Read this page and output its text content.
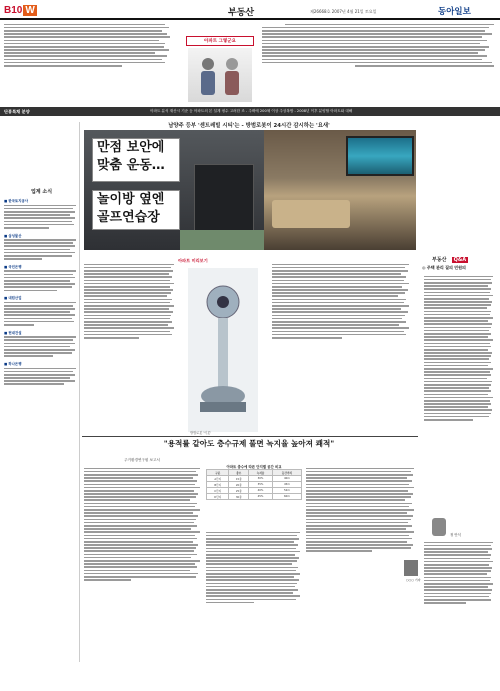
B10 W	부동산	제26668호 2007년 4월 21일 토요일	동아일보
아파트 그렇군요
단봉특채 분양	아파트 분석 재산시 기준 등 아파트의 본 설계 평수 고려한 조 - 주택에 200채 이상 주상복합 - 2008년 이후 분양할 아파트와 대해
업계 소식
■ 한국토지공사
■ 삼성물산
■ 국민은행
■ 대림산업
■ 현대건설
■ 하나은행
남양주 등부 '센트레빌 시티'는 - 방범로봇이 24시간 감시하는 '요새'
만점 보안에
맞춤 운동…
놀이방 옆엔
골프연습장
아파트 미리보기
방범로봇 '이롯'
부동산 Q&A
◎ 주택 관리 질의 민원의
정 안식
"용적률 같아도 층수규제 풀면 녹지율 높아져 쾌적"
주거환경연구원 보고서
아파트 층수에 따른 단지별 공간 비교
구분	층수	녹지율	동간거리
A단지	15층	30%	40m
B단지	20층	35%	45m
C단지	25층	40%	52m
D단지	30층	45%	60m
○○○ 기자
